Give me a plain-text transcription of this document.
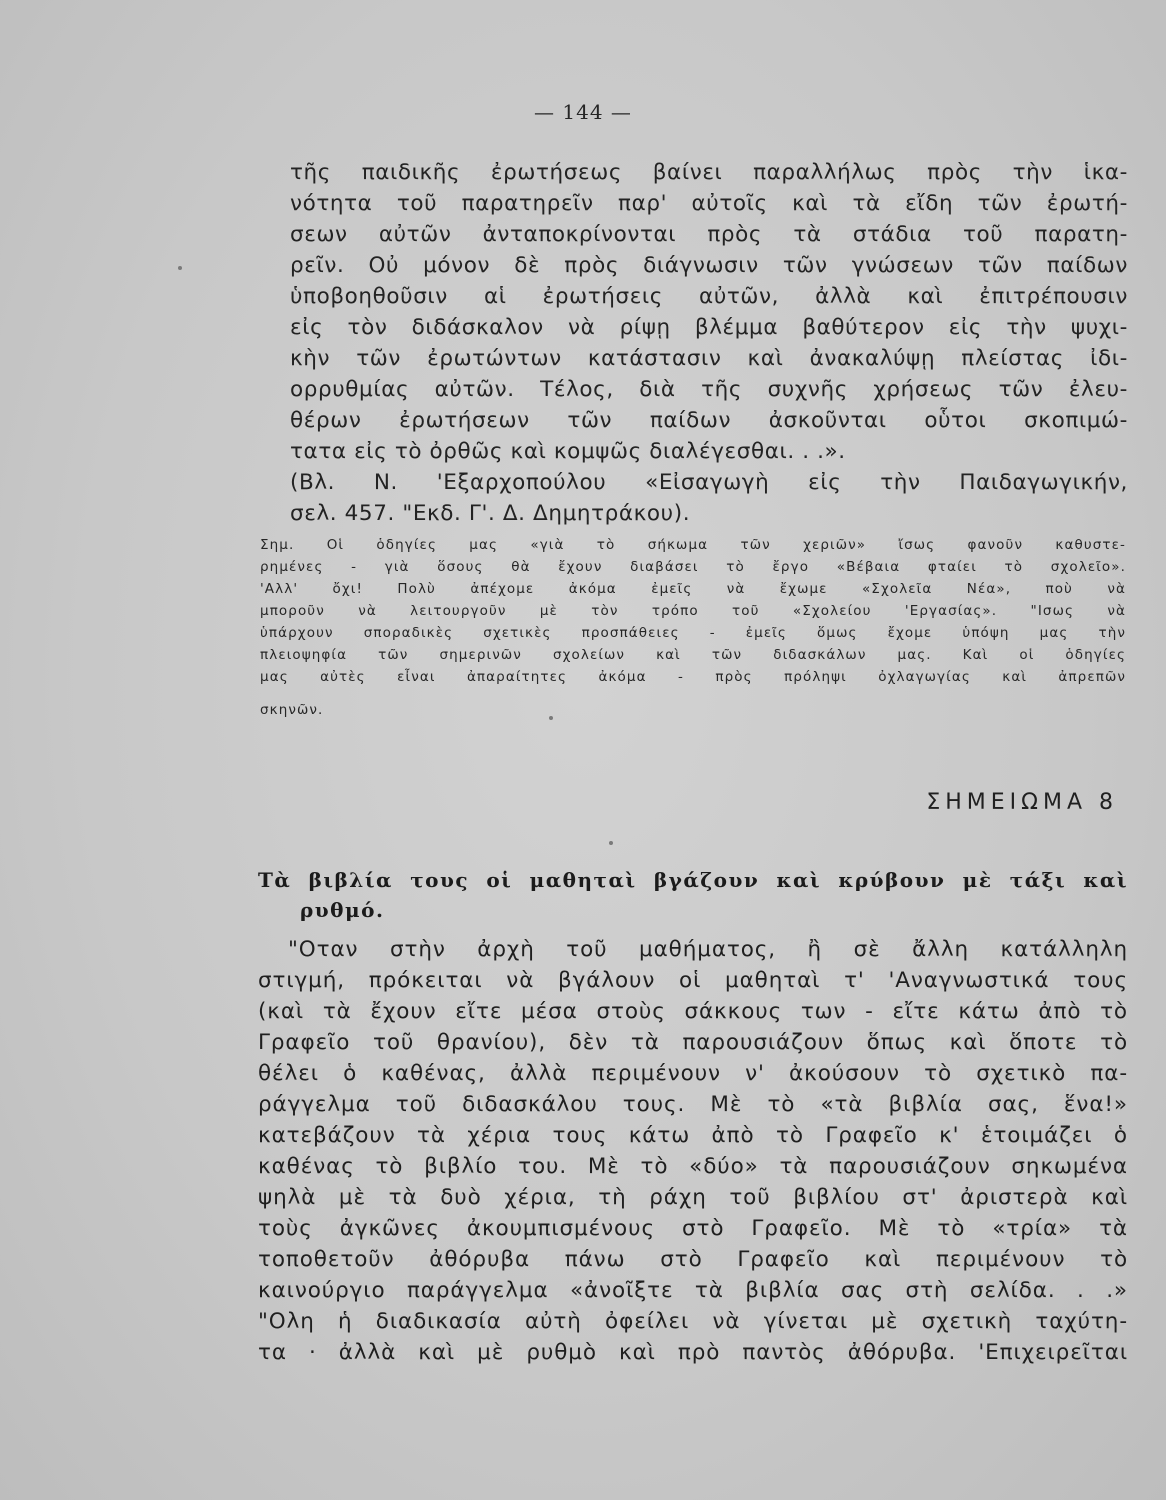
— 144 —
τῆς παιδικῆς ἐρωτήσεως βαίνει παραλλήλως πρὸς τὴν ἱκα-
νότητα τοῦ παρατηρεῖν παρ' αὐτοῖς καὶ τὰ εἴδη τῶν ἐρωτή-
σεων αὐτῶν ἀνταποκρίνονται πρὸς τὰ στάδια τοῦ παρατη-
ρεῖν. Οὐ μόνον δὲ πρὸς διάγνωσιν τῶν γνώσεων τῶν παίδων
ὑποβοηθοῦσιν αἱ ἐρωτήσεις αὐτῶν, ἀλλὰ καὶ ἐπιτρέπουσιν
εἰς τὸν διδάσκαλον νὰ ρίψῃ βλέμμα βαθύτερον εἰς τὴν ψυχι-
κὴν τῶν ἐρωτώντων κατάστασιν καὶ ἀνακαλύψῃ πλείστας ἰδι-
ορρυθμίας αὐτῶν. Τέλος, διὰ τῆς συχνῆς χρήσεως τῶν ἐλευ-
θέρων ἐρωτήσεων τῶν παίδων ἀσκοῦνται οὗτοι σκοπιμώ-
τατα εἰς τὸ ὀρθῶς καὶ κομψῶς διαλέγεσθαι. . .».
(Βλ. Ν. 'Εξαρχοπούλου «Εἰσαγωγὴ εἰς τὴν Παιδαγωγικήν,
σελ. 457. "Εκδ. Γ'. Δ. Δημητράκου).
Σημ. Οἱ ὁδηγίες μας «γιὰ τὸ σήκωμα τῶν χεριῶν» ἴσως φανοῦν καθυστε-
ρημένες - γιὰ ὅσους θὰ ἔχουν διαβάσει τὸ ἔργο «Βέβαια φταίει τὸ σχολεῖο».
'Αλλ' ὄχι! Πολὺ ἀπέχομε ἀκόμα ἐμεῖς νὰ ἔχωμε «Σχολεῖα Νέα», ποὺ νὰ
μποροῦν νὰ λειτουργοῦν μὲ τὸν τρόπο τοῦ «Σχολείου 'Εργασίας». "Ισως νὰ
ὑπάρχουν σποραδικὲς σχετικὲς προσπάθειες - ἐμεῖς ὅμως ἔχομε ὑπόψη μας τὴν
πλειοψηφία τῶν σημερινῶν σχολείων καὶ τῶν διδασκάλων μας. Καὶ οἱ ὁδηγίες
μας αὐτὲς εἶναι ἀπαραίτητες ἀκόμα - πρὸς πρόληψι ὀχλαγωγίας καὶ ἀπρεπῶν
σκηνῶν.
ΣΗΜΕΙΩΜΑ 8
Τὰ βιβλία τους οἱ μαθηταὶ βγάζουν καὶ κρύβουν μὲ τάξι καὶ
ρυθμό.
"Οταν στὴν ἀρχὴ τοῦ μαθήματος, ἢ σὲ ἄλλη κατάλληλη
στιγμή, πρόκειται νὰ βγάλουν οἱ μαθηταὶ τ' 'Αναγνωστικά τους
(καὶ τὰ ἔχουν εἴτε μέσα στοὺς σάκκους των - εἴτε κάτω ἀπὸ τὸ
Γραφεῖο τοῦ θρανίου), δὲν τὰ παρουσιάζουν ὅπως καὶ ὅποτε τὸ
θέλει ὁ καθένας, ἀλλὰ περιμένουν ν' ἀκούσουν τὸ σχετικὸ πα-
ράγγελμα τοῦ διδασκάλου τους. Μὲ τὸ «τὰ βιβλία σας, ἕνα!»
κατεβάζουν τὰ χέρια τους κάτω ἀπὸ τὸ Γραφεῖο κ' ἑτοιμάζει ὁ
καθένας τὸ βιβλίο του. Μὲ τὸ «δύο» τὰ παρουσιάζουν σηκωμένα
ψηλὰ μὲ τὰ δυὸ χέρια, τὴ ράχη τοῦ βιβλίου στ' ἀριστερὰ καὶ
τοὺς ἀγκῶνες ἀκουμπισμένους στὸ Γραφεῖο. Μὲ τὸ «τρία» τὰ
τοποθετοῦν ἀθόρυβα πάνω στὸ Γραφεῖο καὶ περιμένουν τὸ
καινούργιο παράγγελμα «ἀνοῖξτε τὰ βιβλία σας στὴ σελίδα. . .»
"Ολη ἡ διαδικασία αὐτὴ ὀφείλει νὰ γίνεται μὲ σχετικὴ ταχύτη-
τα · ἀλλὰ καὶ μὲ ρυθμὸ καὶ πρὸ παντὸς ἀθόρυβα. 'Επιχειρεῖται
